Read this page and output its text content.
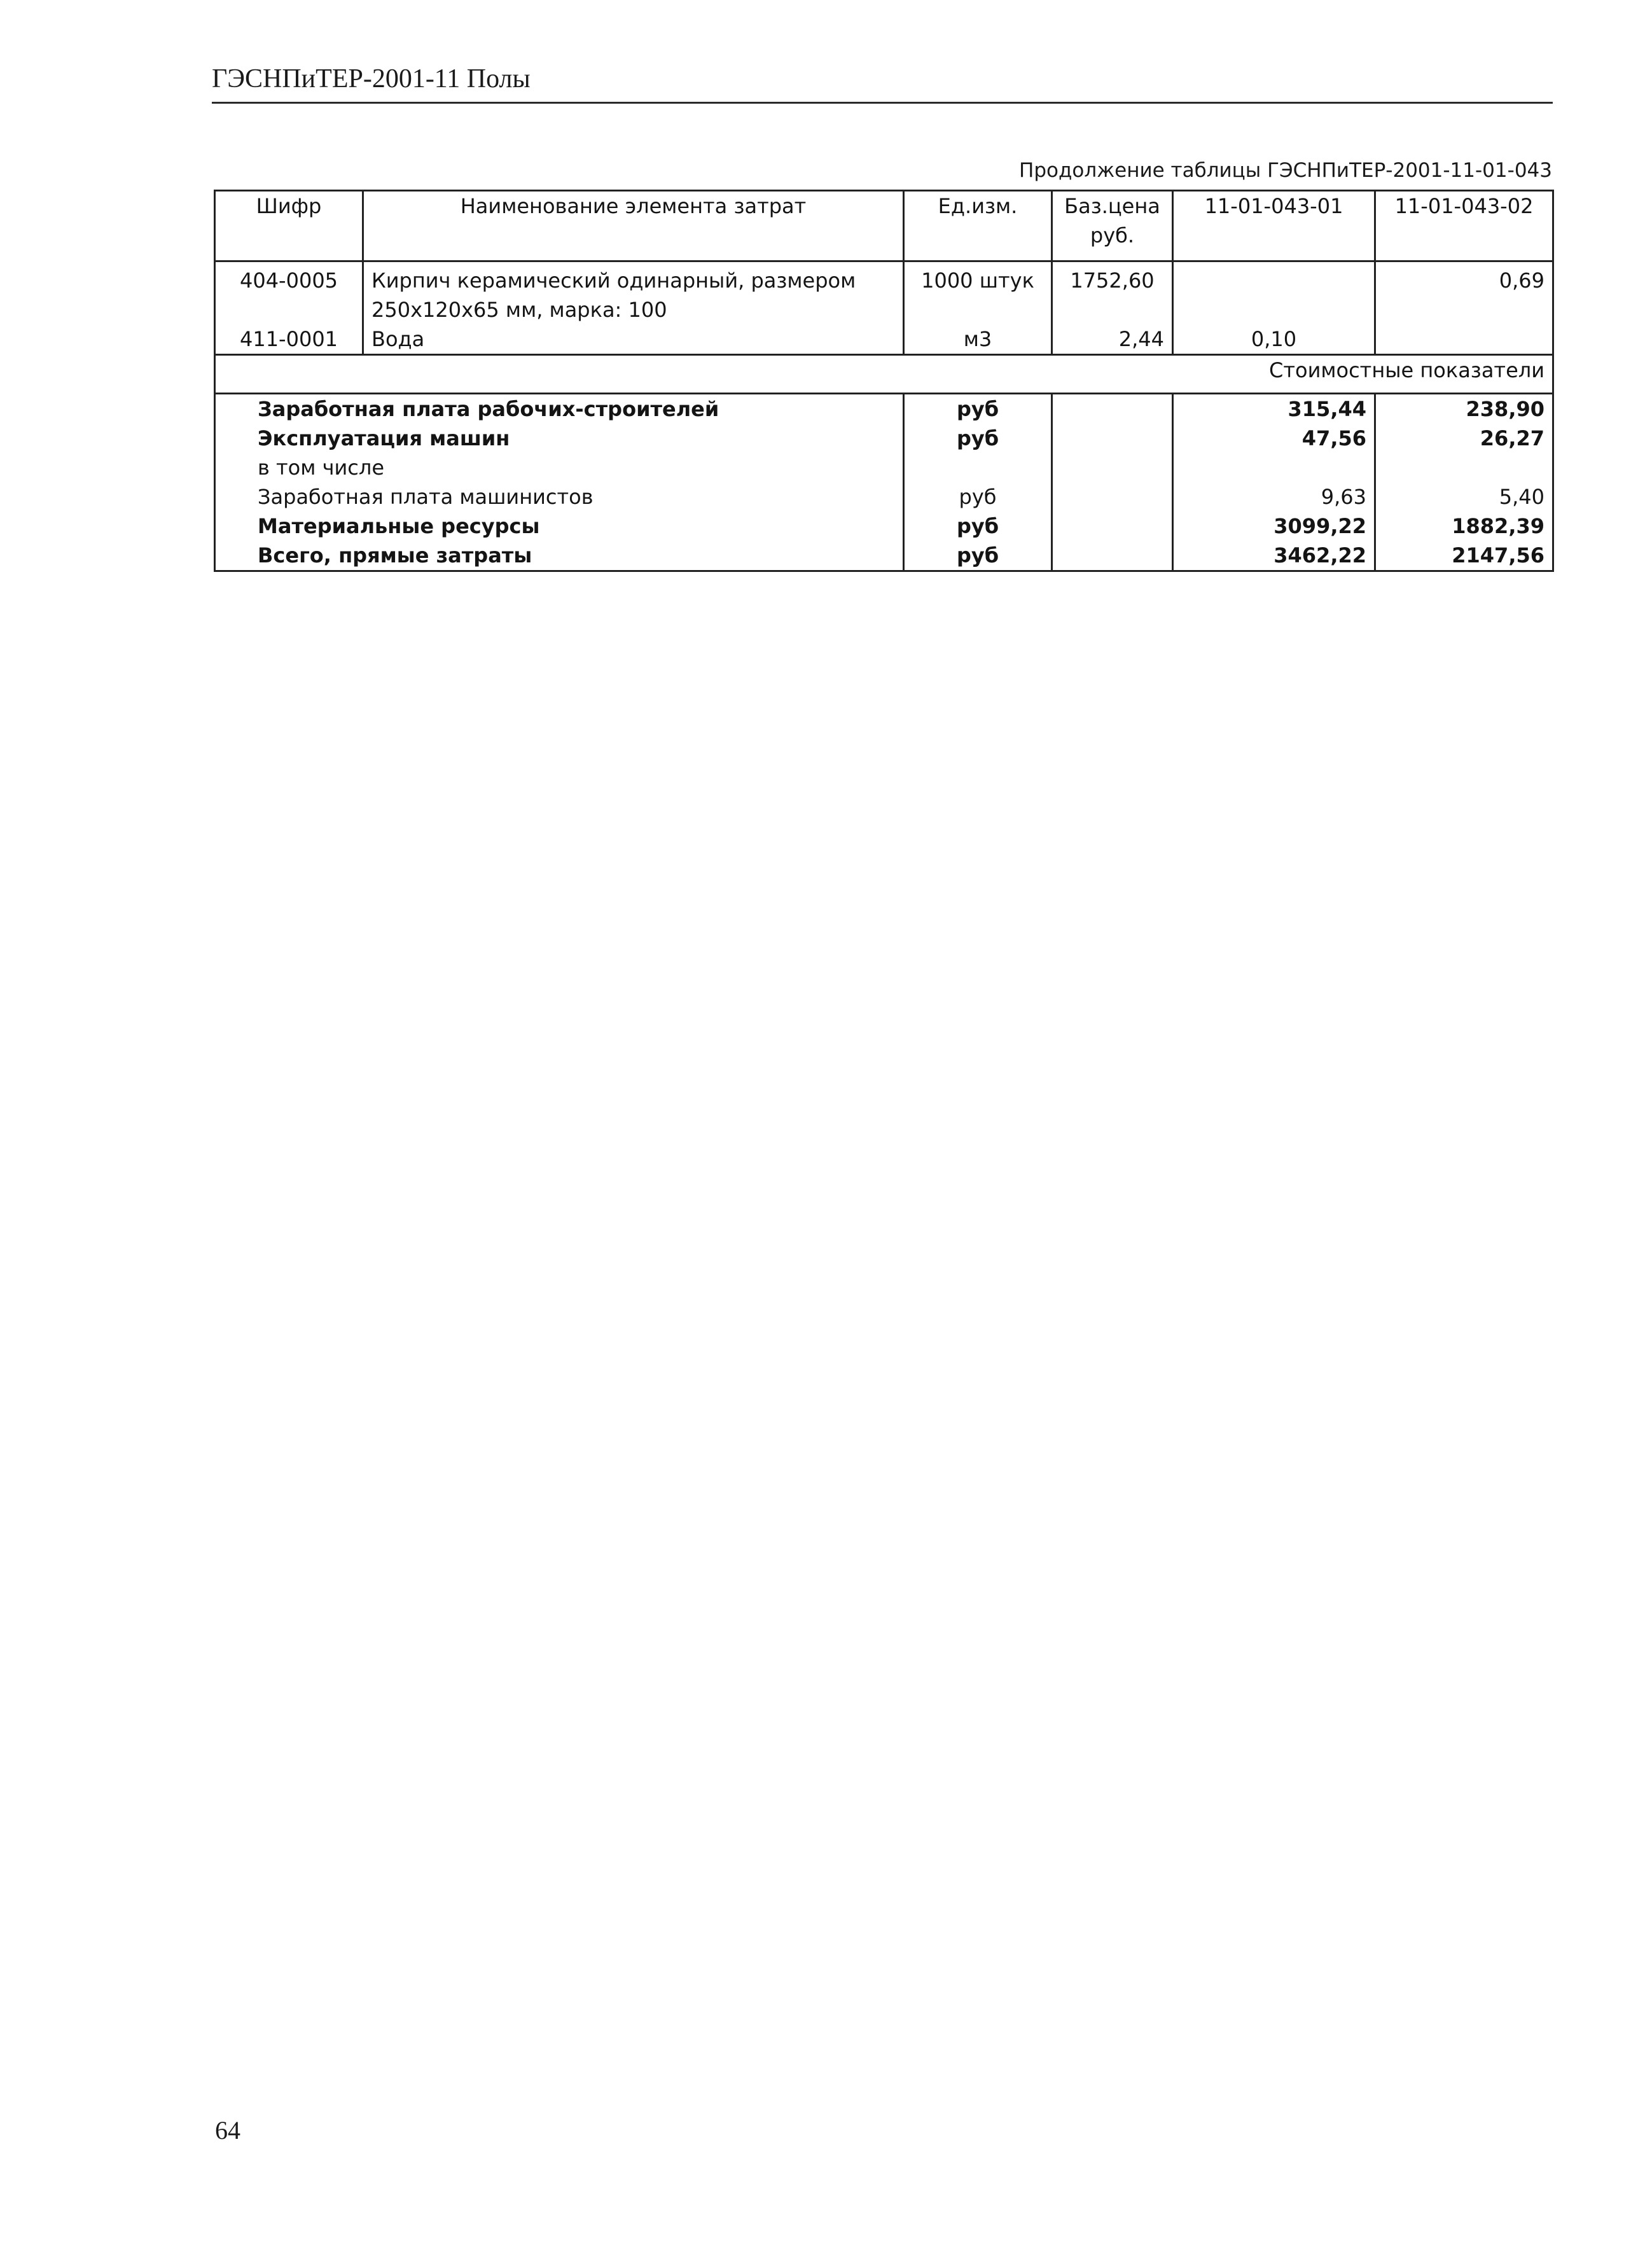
ГЭСНПиТЕР-2001-11 Полы
Продолжение таблицы ГЭСНПиТЕР-2001-11-01-043
Шифр	Наименование элемента затрат	Ед.изм.	Баз.цена руб.	11-01-043-01	11-01-043-02
404-0005	Кирпич керамический одинарный, размером 250х120х65 мм, марка: 100	1000 штук	1752,60		0,69
411-0001	Вода	м3	2,44	0,10	
Стоимостные показатели					
Заработная плата рабочих-строителей		руб		315,44	238,90
Эксплуатация машин		руб		47,56	26,27
в том числе					
Заработная плата машинистов		руб		9,63	5,40
Материальные ресурсы		руб		3099,22	1882,39
Всего, прямые затраты		руб		3462,22	2147,56
64
